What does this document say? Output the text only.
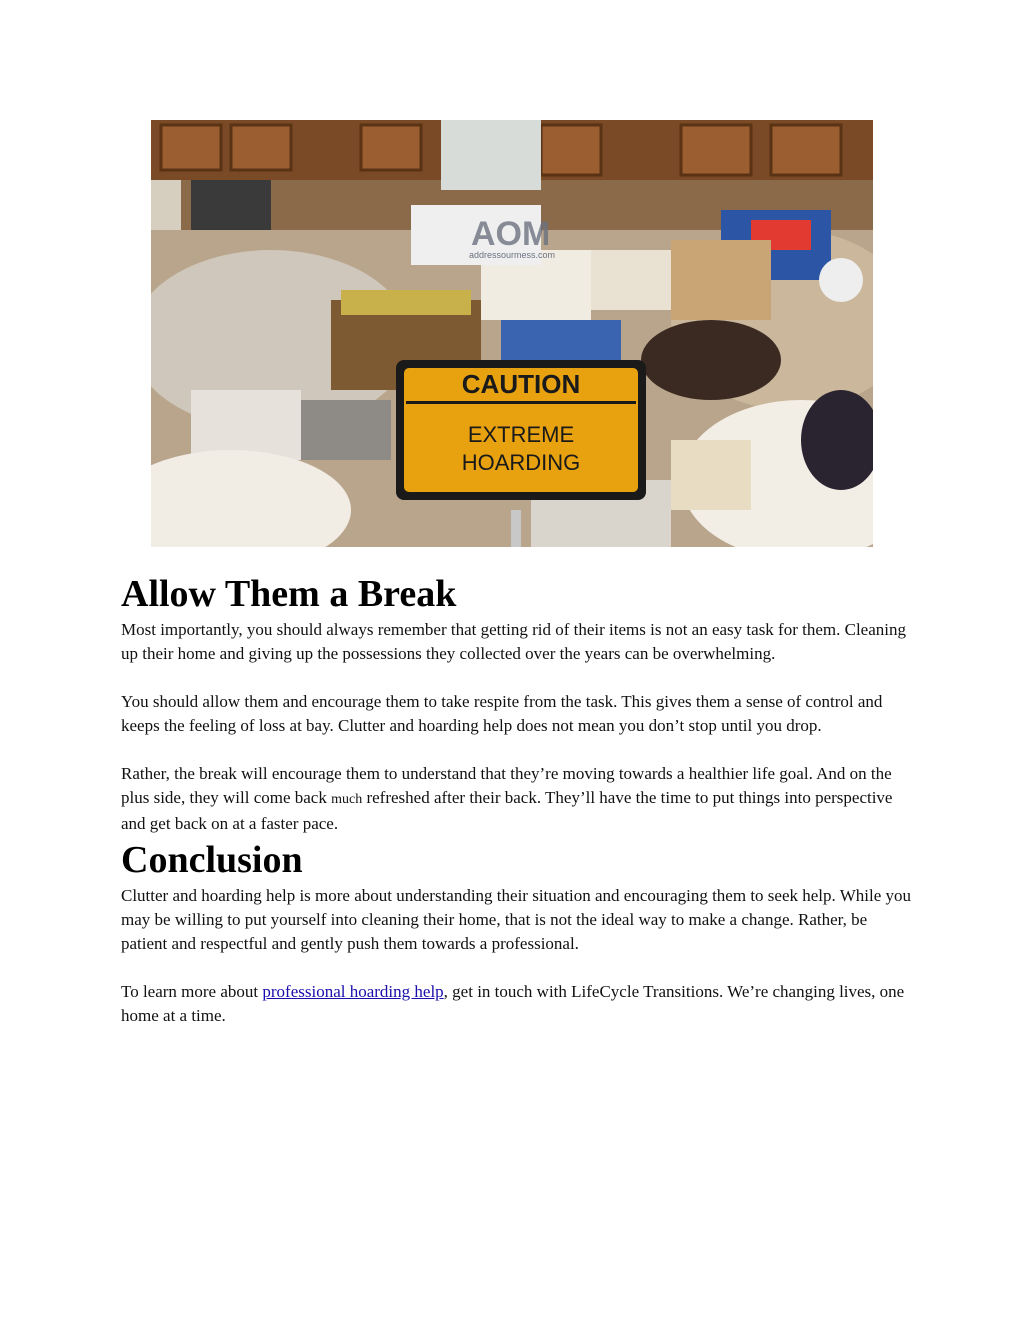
AOM
addressourmess.com
CAUTION
EXTREME
HOARDING
Allow Them a Break

Most importantly, you should always remember that getting rid of their items is not an easy task for them. Cleaning up their home and giving up the possessions they collected over the years can be overwhelming.

You should allow them and encourage them to take respite from the task. This gives them a sense of control and keeps the feeling of loss at bay. Clutter and hoarding help does not mean you don’t stop until you drop.

Rather, the break will encourage them to understand that they’re moving towards a healthier life goal. And on the plus side, they will come back much refreshed after their back. They’ll have the time to put things into perspective and get back on at a faster pace.

Conclusion

Clutter and hoarding help is more about understanding their situation and encouraging them to seek help. While you may be willing to put yourself into cleaning their home, that is not the ideal way to make a change. Rather, be patient and respectful and gently push them towards a professional.

To learn more about professional hoarding help, get in touch with LifeCycle Transitions. We’re changing lives, one home at a time.
